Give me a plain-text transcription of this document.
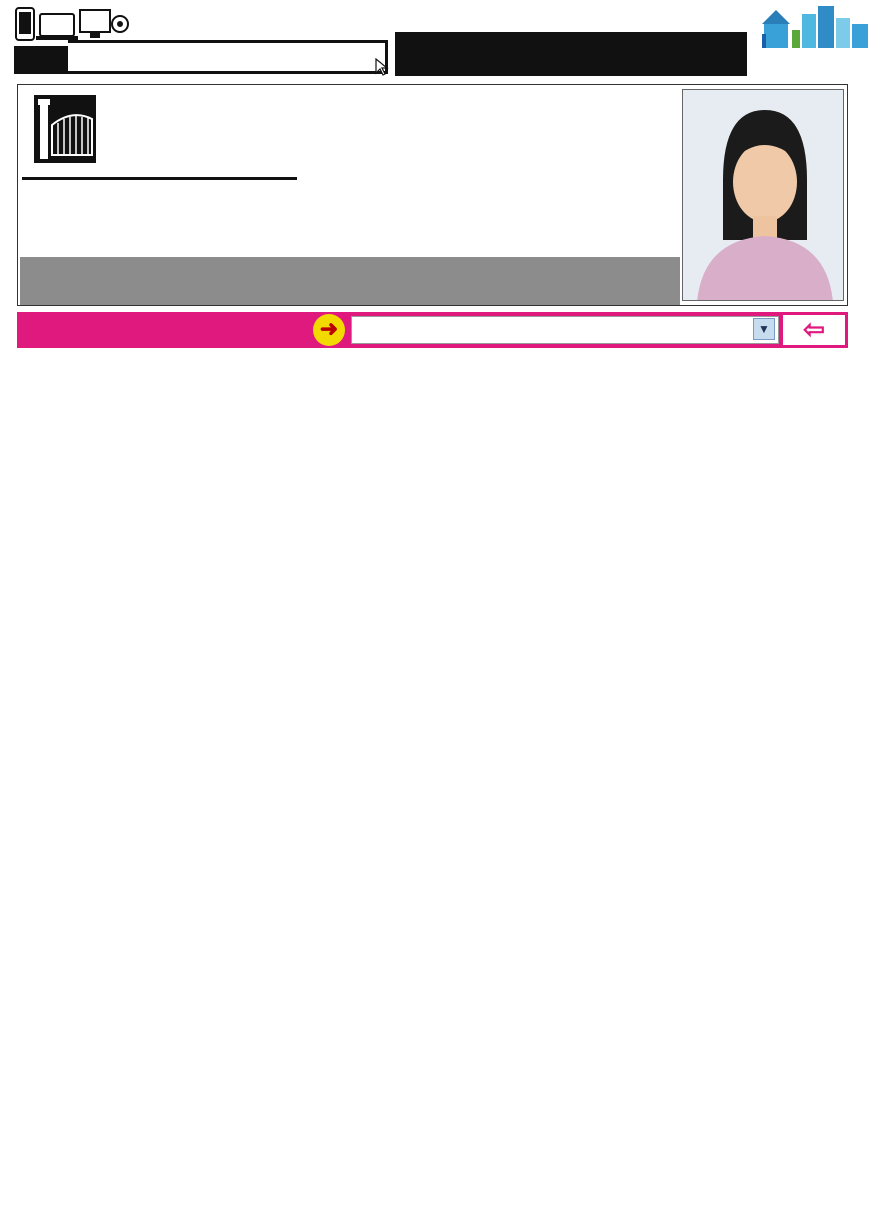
➜	▼	⇦
